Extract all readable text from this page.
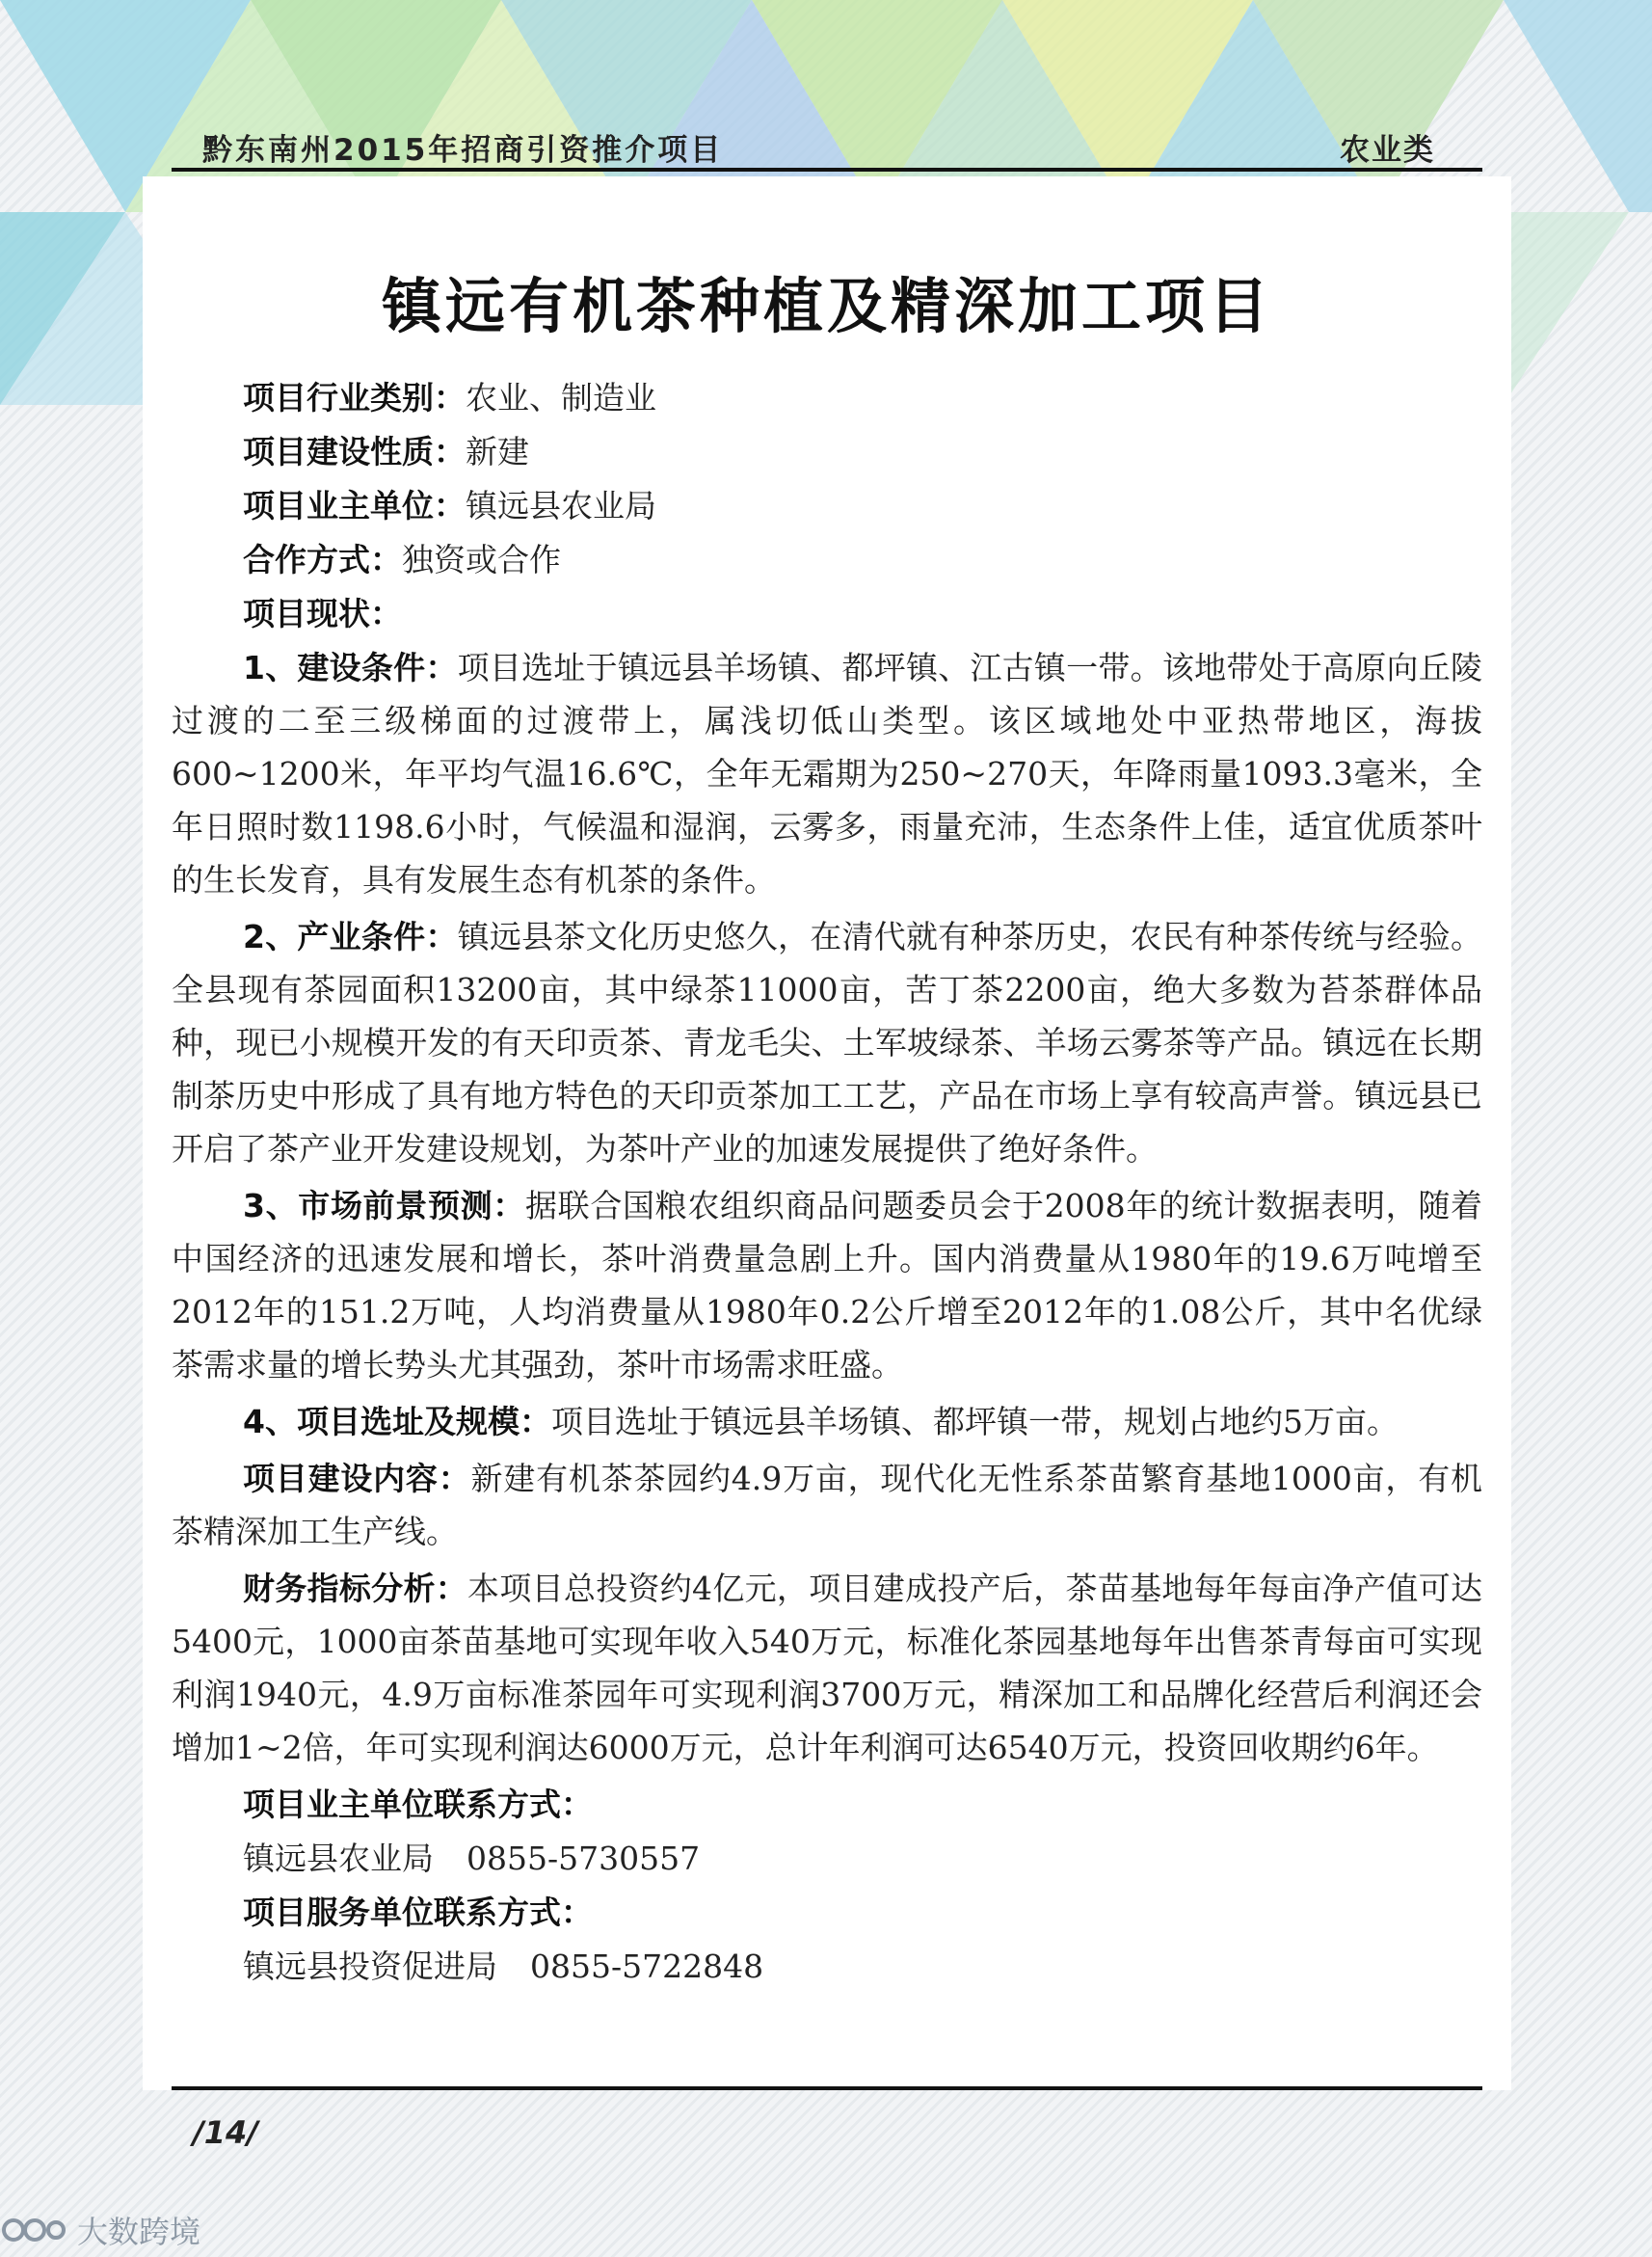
黔东南州2015年招商引资推介项目	农业类
镇远有机茶种植及精深加工项目
项目行业类别：农业、制造业
项目建设性质：新建
项目业主单位：镇远县农业局
合作方式：独资或合作
项目现状：

1、建设条件：项目选址于镇远县羊场镇、都坪镇、江古镇一带。该地带处于高原向丘陵过渡的二至三级梯面的过渡带上，属浅切低山类型。该区域地处中亚热带地区，海拔600~1200米，年平均气温16.6℃，全年无霜期为250~270天，年降雨量1093.3毫米，全年日照时数1198.6小时，气候温和湿润，云雾多，雨量充沛，生态条件上佳，适宜优质茶叶的生长发育，具有发展生态有机茶的条件。

2、产业条件：镇远县茶文化历史悠久，在清代就有种茶历史，农民有种茶传统与经验。全县现有茶园面积13200亩，其中绿茶11000亩，苦丁茶2200亩，绝大多数为苔茶群体品种，现已小规模开发的有天印贡茶、青龙毛尖、土军坡绿茶、羊场云雾茶等产品。镇远在长期制茶历史中形成了具有地方特色的天印贡茶加工工艺，产品在市场上享有较高声誉。镇远县已开启了茶产业开发建设规划，为茶叶产业的加速发展提供了绝好条件。

3、市场前景预测：据联合国粮农组织商品问题委员会于2008年的统计数据表明，随着中国经济的迅速发展和增长，茶叶消费量急剧上升。国内消费量从1980年的19.6万吨增至2012年的151.2万吨，人均消费量从1980年0.2公斤增至2012年的1.08公斤，其中名优绿茶需求量的增长势头尤其强劲，茶叶市场需求旺盛。

4、项目选址及规模：项目选址于镇远县羊场镇、都坪镇一带，规划占地约5万亩。

项目建设内容：新建有机茶茶园约4.9万亩，现代化无性系茶苗繁育基地1000亩，有机茶精深加工生产线。

财务指标分析：本项目总投资约4亿元，项目建成投产后，茶苗基地每年每亩净产值可达5400元，1000亩茶苗基地可实现年收入540万元，标准化茶园基地每年出售茶青每亩可实现利润1940元，4.9万亩标准茶园年可实现利润3700万元，精深加工和品牌化经营后利润还会增加1~2倍，年可实现利润达6000万元，总计年利润可达6540万元，投资回收期约6年。

项目业主单位联系方式：
镇远县农业局 0855-5730557
项目服务单位联系方式：
镇远县投资促进局 0855-5722848
/14/
大数跨境
